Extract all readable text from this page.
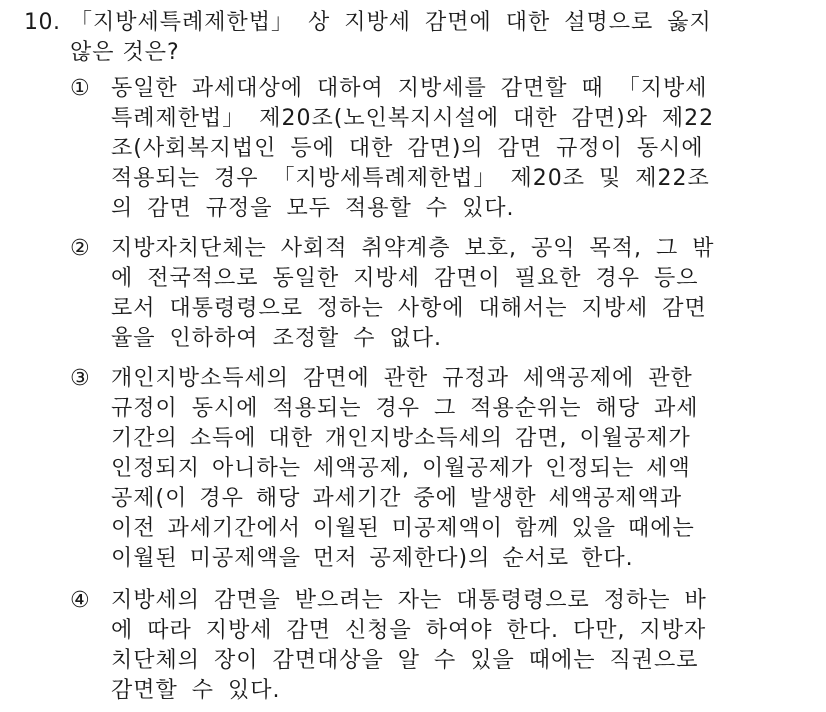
10. 「지방세특례제한법」 상 지방세 감면에 대한 설명으로 옳지
않은 것은?
① 동일한 과세대상에 대하여 지방세를 감면할 때 「지방세
특례제한법」 제20조(노인복지시설에 대한 감면)와 제22
조(사회복지법인 등에 대한 감면)의 감면 규정이 동시에
적용되는 경우 「지방세특례제한법」 제20조 및 제22조
의 감면 규정을 모두 적용할 수 있다.
② 지방자치단체는 사회적 취약계층 보호, 공익 목적, 그 밖
에 전국적으로 동일한 지방세 감면이 필요한 경우 등으
로서 대통령령으로 정하는 사항에 대해서는 지방세 감면
율을 인하하여 조정할 수 없다.
③ 개인지방소득세의 감면에 관한 규정과 세액공제에 관한
규정이 동시에 적용되는 경우 그 적용순위는 해당 과세
기간의 소득에 대한 개인지방소득세의 감면, 이월공제가
인정되지 아니하는 세액공제, 이월공제가 인정되는 세액
공제(이 경우 해당 과세기간 중에 발생한 세액공제액과
이전 과세기간에서 이월된 미공제액이 함께 있을 때에는
이월된 미공제액을 먼저 공제한다)의 순서로 한다.
④ 지방세의 감면을 받으려는 자는 대통령령으로 정하는 바
에 따라 지방세 감면 신청을 하여야 한다. 다만, 지방자
치단체의 장이 감면대상을 알 수 있을 때에는 직권으로
감면할 수 있다.
